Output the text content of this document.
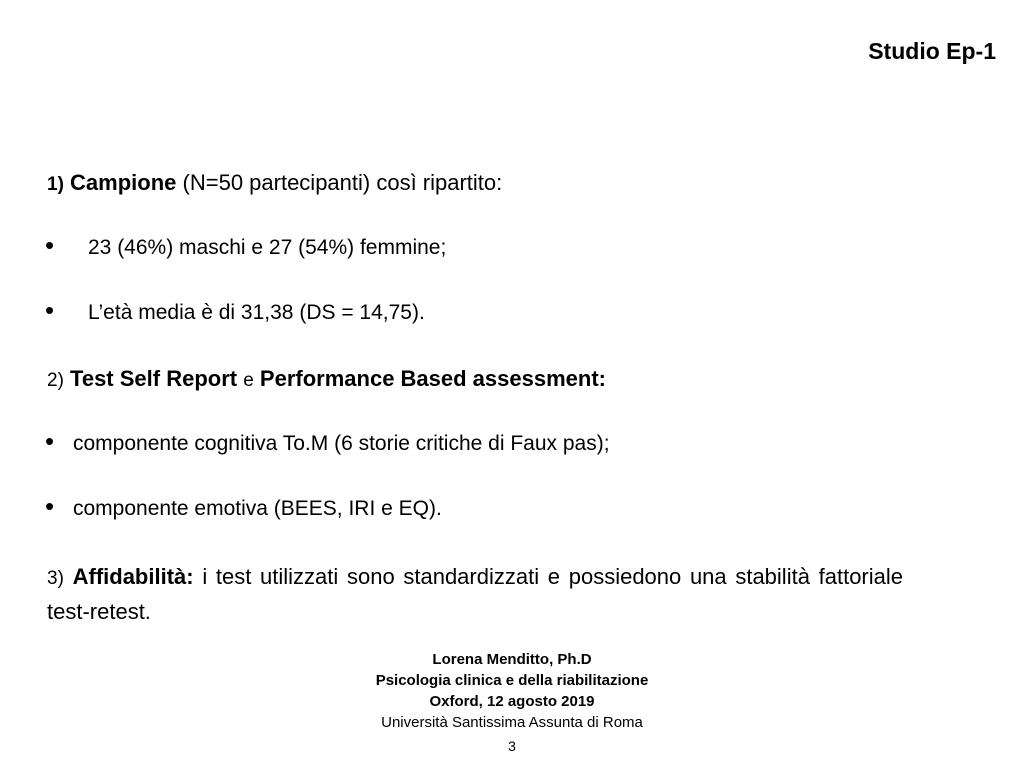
Studio Ep-1
1) Campione (N=50 partecipanti) così ripartito:
• 23 (46%) maschi e 27 (54%) femmine;
• L’età media è di 31,38 (DS = 14,75).
2) Test Self Report e Performance Based assessment:
• componente cognitiva To.M (6 storie critiche di Faux pas);
• componente emotiva (BEES, IRI e EQ).
3) Affidabilità: i test utilizzati sono standardizzati e possiedono una stabilità fattoriale test-retest.
Lorena Menditto, Ph.D
Psicologia clinica e della riabilitazione
Oxford, 12 agosto 2019
Università Santissima Assunta di Roma
3
